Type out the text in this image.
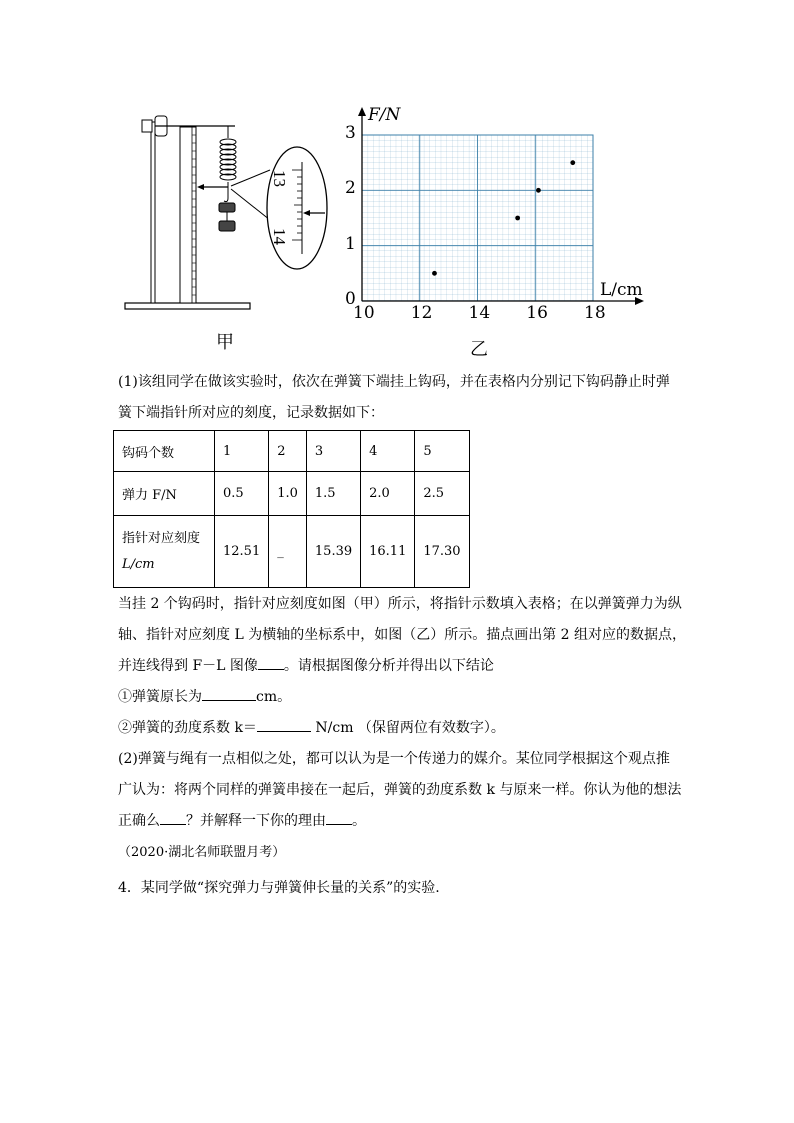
13
14
甲
F/N
L/cm
10 12 14 16 18
0
1
2
3
乙
(1)该组同学在做该实验时，依次在弹簧下端挂上钩码，并在表格内分别记下钩码静止时弹
簧下端指针所对应的刻度，记录数据如下：
钩码个数	1	2	3	4	5
弹力 F/N	0.5	1.0	1.5	2.0	2.5

指针对应刻度
L/cm	12.51	_	15.39	16.11	17.30
当挂 2 个钩码时，指针对应刻度如图（甲）所示，将指针示数填入表格；在以弹簧弹力为纵
轴、指针对应刻度 L 为横轴的坐标系中，如图（乙）所示。描点画出第 2 组对应的数据点，
并连线得到 F－L 图像 。请根据图像分析并得出以下结论
①弹簧原长为	cm。
②弹簧的劲度系数 k＝	N/cm （保留两位有效数字）。
(2)弹簧与绳有一点相似之处，都可以认为是一个传递力的媒介。某位同学根据这个观点推
广认为：将两个同样的弹簧串接在一起后，弹簧的劲度系数 k 与原来一样。你认为他的想法
正确么 ？并解释一下你的理由 。
（2020·湖北名师联盟月考）
4．某同学做“探究弹力与弹簧伸长量的关系”的实验.
